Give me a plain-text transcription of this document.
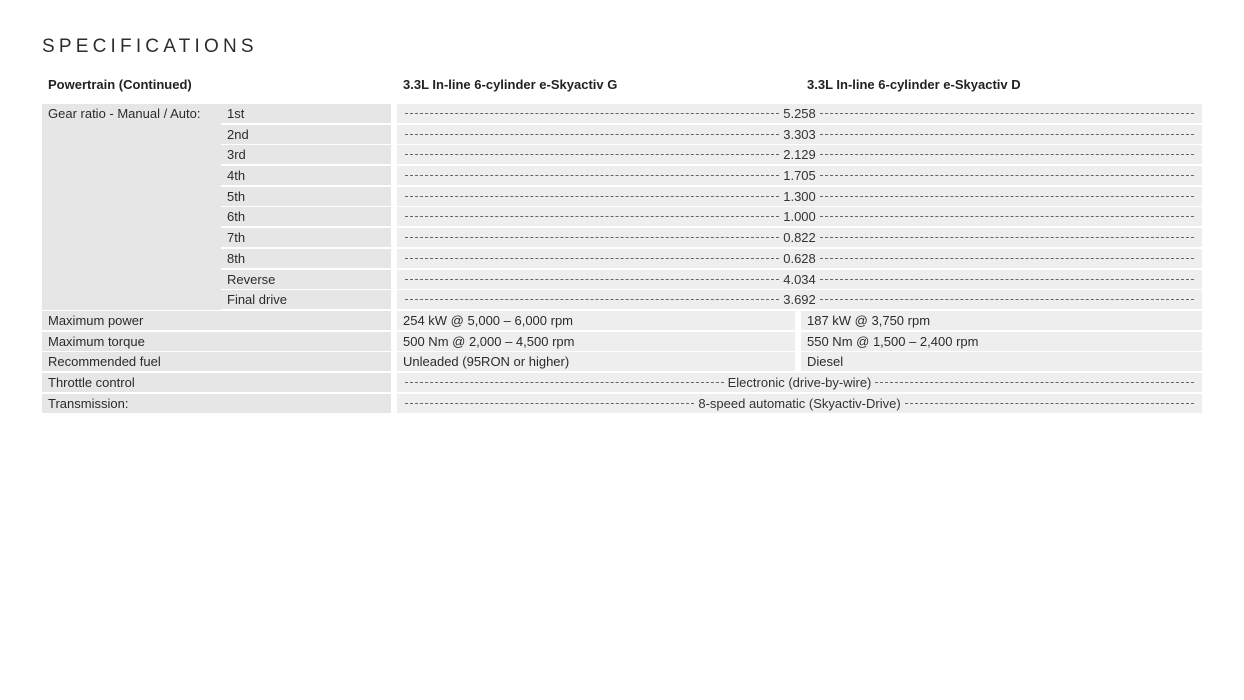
SPECIFICATIONS
Powertrain (Continued)	3.3L In-line 6-cylinder e-Skyactiv G	3.3L In-line 6-cylinder e-Skyactiv D
Gear ratio - Manual / Auto:	1st	5.258
2nd	3.303
3rd	2.129
4th	1.705
5th	1.300
6th	1.000
7th	0.822
8th	0.628
Reverse	4.034
Final drive	3.692
Maximum power	254 kW @ 5,000 – 6,000 rpm	187 kW @ 3,750 rpm
Maximum torque	500 Nm @ 2,000 – 4,500 rpm	550 Nm @ 1,500 – 2,400 rpm
Recommended fuel	Unleaded (95RON or higher)	Diesel
Throttle control	Electronic (drive-by-wire)
Transmission:	8-speed automatic (Skyactiv-Drive)
